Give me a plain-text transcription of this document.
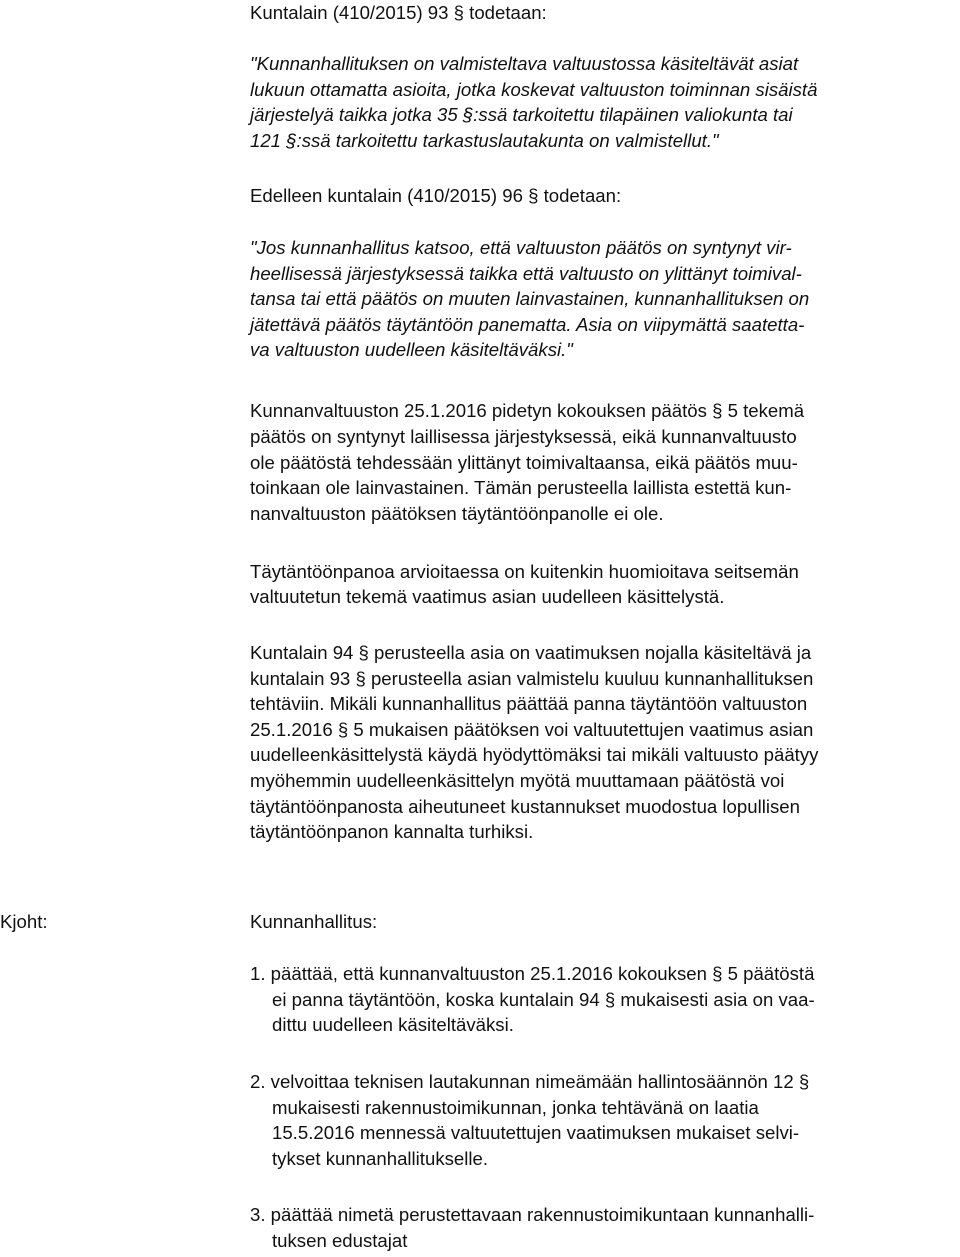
Kuntalain (410/2015) 93 § todetaan:

"Kunnanhallituksen on valmisteltava valtuustossa käsiteltävät asiat

lukuun ottamatta asioita, jotka koskevat valtuuston toiminnan sisäistä

järjestelyä taikka jotka 35 §:ssä tarkoitettu tilapäinen valiokunta tai

121 §:ssä tarkoitettu tarkastuslautakunta on valmistellut."

Edelleen kuntalain (410/2015) 96 § todetaan:

"Jos kunnanhallitus katsoo, että valtuuston päätös on syntynyt vir-

heellisessä järjestyksessä taikka että valtuusto on ylittänyt toimival-

tansa tai että päätös on muuten lainvastainen, kunnanhallituksen on

jätettävä päätös täytäntöön panematta. Asia on viipymättä saatetta-

va valtuuston uudelleen käsiteltäväksi."

Kunnanvaltuuston 25.1.2016 pidetyn kokouksen päätös § 5 tekemä

päätös on syntynyt laillisessa järjestyksessä, eikä kunnanvaltuusto

ole päätöstä tehdessään ylittänyt toimivaltaansa, eikä päätös muu-

toinkaan ole lainvastainen. Tämän perusteella laillista estettä kun-

nanvaltuuston päätöksen täytäntöönpanolle ei ole.

Täytäntöönpanoa arvioitaessa on kuitenkin huomioitava seitsemän

valtuutetun tekemä vaatimus asian uudelleen käsittelystä.

Kuntalain 94 § perusteella asia on vaatimuksen nojalla käsiteltävä ja

kuntalain 93 § perusteella asian valmistelu kuuluu kunnanhallituksen

tehtäviin. Mikäli kunnanhallitus päättää panna täytäntöön valtuuston

25.1.2016 § 5 mukaisen päätöksen voi valtuutettujen vaatimus asian

uudelleenkäsittelystä käydä hyödyttömäksi tai mikäli valtuusto päätyy

myöhemmin uudelleenkäsittelyn myötä muuttamaan päätöstä voi

täytäntöönpanosta aiheutuneet kustannukset muodostua lopullisen

täytäntöönpanon kannalta turhiksi.

Kjoht:	Kunnanhallitus:

1. päättää, että kunnanvaltuuston 25.1.2016 kokouksen § 5 päätöstä

ei panna täytäntöön, koska kuntalain 94 § mukaisesti asia on vaa-

dittu uudelleen käsiteltäväksi.

2. velvoittaa teknisen lautakunnan nimeämään hallintosäännön 12 §

mukaisesti rakennustoimikunnan, jonka tehtävänä on laatia

15.5.2016 mennessä valtuutettujen vaatimuksen mukaiset selvi-

tykset kunnanhallitukselle.

3. päättää nimetä perustettavaan rakennustoimikuntaan kunnanhalli-

tuksen edustajat
